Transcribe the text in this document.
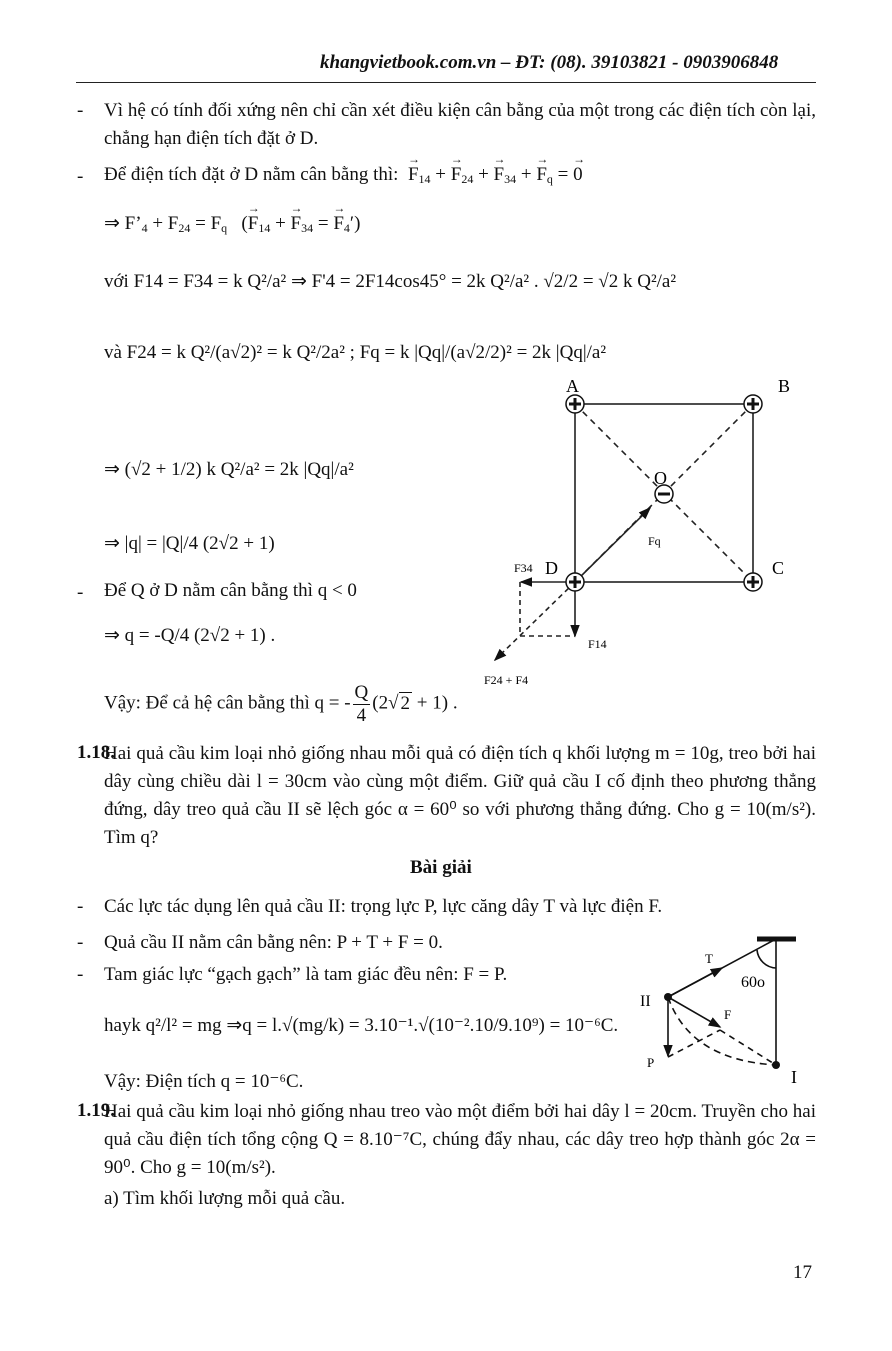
khangvietbook.com.vn – ĐT: (08). 39103821 - 0903906848
- Vì hệ có tính đối xứng nên chỉ cần xét điều kiện cân bằng của một trong các điện tích còn lại, chẳng hạn điện tích đặt ở D.
- Để điện tích đặt ở D nằm cân bằng thì: → $F_{14}$ + → $F_{24}$ + → $F_{34}$ + → $F_q$ = → 0
⇒ $F’_4 + F_{24} = F_q$   (→ $F_{14}$ + → $F_{34}$ = → $F_4'$)
với F14 = F34 = k Q²/a² ⇒ F'4 = 2F14cos45° = 2k Q²/a² . √2/2 = √2 k Q²/a²
và F24 = k Q²/(a√2)² = k Q²/2a² ; Fq = k |Qq|/(a√2/2)² = 2k |Qq|/a²
⇒ (√2 + 1/2) k Q²/a² = 2k |Qq|/a²
⇒ |q| = |Q|/4 (2√2 + 1)
- Để Q ở D nằm cân bằng thì q < 0
⇒ q = -Q/4 (2√2 + 1) .
Vậy: Để cả hệ cân bằng thì q = - $\frac{Q}{4} (2√$ 2 + 1) .
A	B
C
D
O
Fq
F34
F14
F24 + F4
T
60o
II
F
P
I
1.18.
Hai quả cầu kim loại nhỏ giống nhau mỗi quả có điện tích q khối lượng m = 10g, treo bởi hai dây cùng chiều dài l = 30cm vào cùng một điểm. Giữ quả cầu I cố định theo phương thẳng đứng, dây treo quả cầu II sẽ lệch góc α = 60⁰ so với phương thẳng đứng. Cho g = 10(m/s²). Tìm q?
Bài giải
- Các lực tác dụng lên quả cầu II: trọng lực P, lực căng dây T và lực điện F.
- Quả cầu II nằm cân bằng nên: P + T + F = 0.
- Tam giác lực “gạch gạch” là tam giác đều nên: F = P.
hayk q²/l² = mg ⇒q = l.√(mg/k) = 3.10⁻¹.√(10⁻².10/9.10⁹) = 10⁻⁶C.
Vậy: Điện tích q = 10⁻⁶C.
1.19.
Hai quả cầu kim loại nhỏ giống nhau treo vào một điểm bởi hai dây l = 20cm. Truyền cho hai quả cầu điện tích tổng cộng Q = 8.10⁻⁷C, chúng đẩy nhau, các dây treo hợp thành góc 2α = 90⁰. Cho g = 10(m/s²).
a) Tìm khối lượng mỗi quả cầu.
17
